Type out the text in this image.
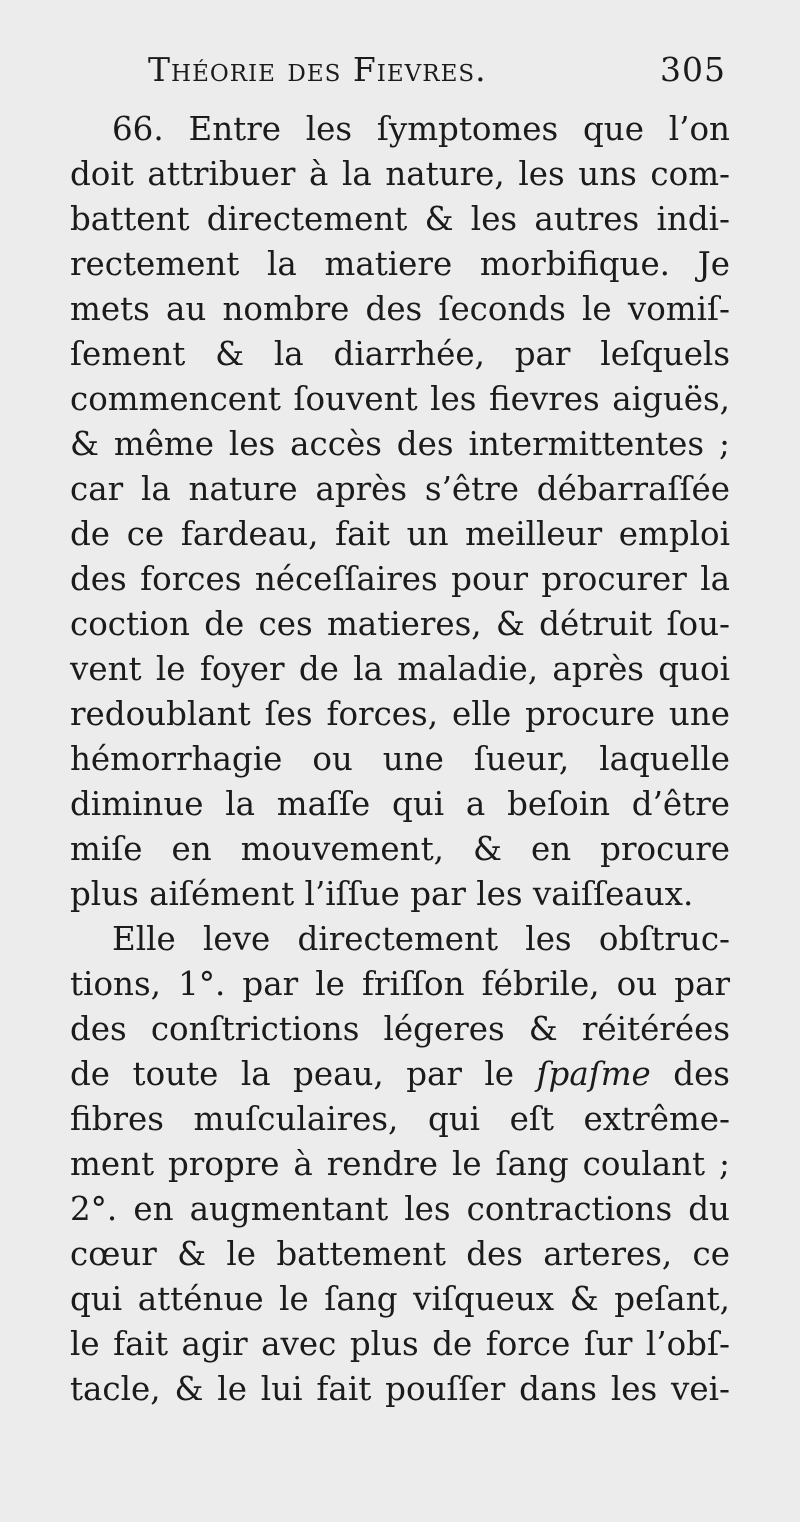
Théorie des Fievres.	305
66. Entre les ſymptomes que l’on
doit attribuer à la nature, les uns com-
battent directement & les autres indi-
rectement la matiere morbifique. Je
mets au nombre des ſeconds le vomiſ-
ſement & la diarrhée, par leſquels
commencent ſouvent les fievres aiguës,
& même les accès des intermittentes ;
car la nature après s’être débarraſſée
de ce fardeau, fait un meilleur emploi
des forces néceſſaires pour procurer la
coction de ces matieres, & détruit ſou-
vent le foyer de la maladie, après quoi
redoublant ſes forces, elle procure une
hémorrhagie ou une ſueur, laquelle
diminue la maſſe qui a beſoin d’être
miſe en mouvement, & en procure
plus aiſément l’iſſue par les vaiſſeaux.
Elle leve directement les obſtruc-
tions, 1°. par le friſſon fébrile, ou par
des conſtrictions légeres & réitérées
de toute la peau, par le ſpaſme des
fibres muſculaires, qui eſt extrême-
ment propre à rendre le ſang coulant ;
2°. en augmentant les contractions du
cœur & le battement des arteres, ce
qui atténue le ſang viſqueux & peſant,
le fait agir avec plus de force ſur l’obſ-
tacle, & le lui fait pouſſer dans les vei-
